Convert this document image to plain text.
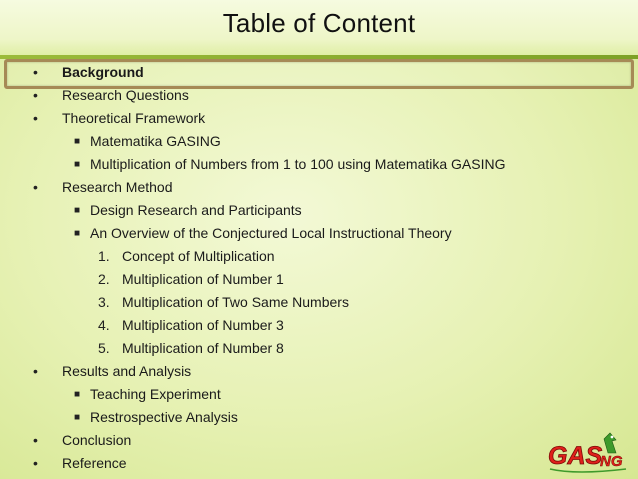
Table of Content
• Background
• Research Questions
• Theoretical Framework
■ Matematika GASING
■ Multiplication of Numbers from 1 to 100 using Matematika GASING
• Research Method
■ Design Research and Participants
■ An Overview of the Conjectured Local Instructional Theory
1. Concept of Multiplication
2. Multiplication of Number 1
3. Multiplication of Two Same Numbers
4. Multiplication of Number 3
5. Multiplication of Number 8
• Results and Analysis
■ Teaching Experiment
■ Restrospective Analysis
• Conclusion
• Reference	GAS
NG
